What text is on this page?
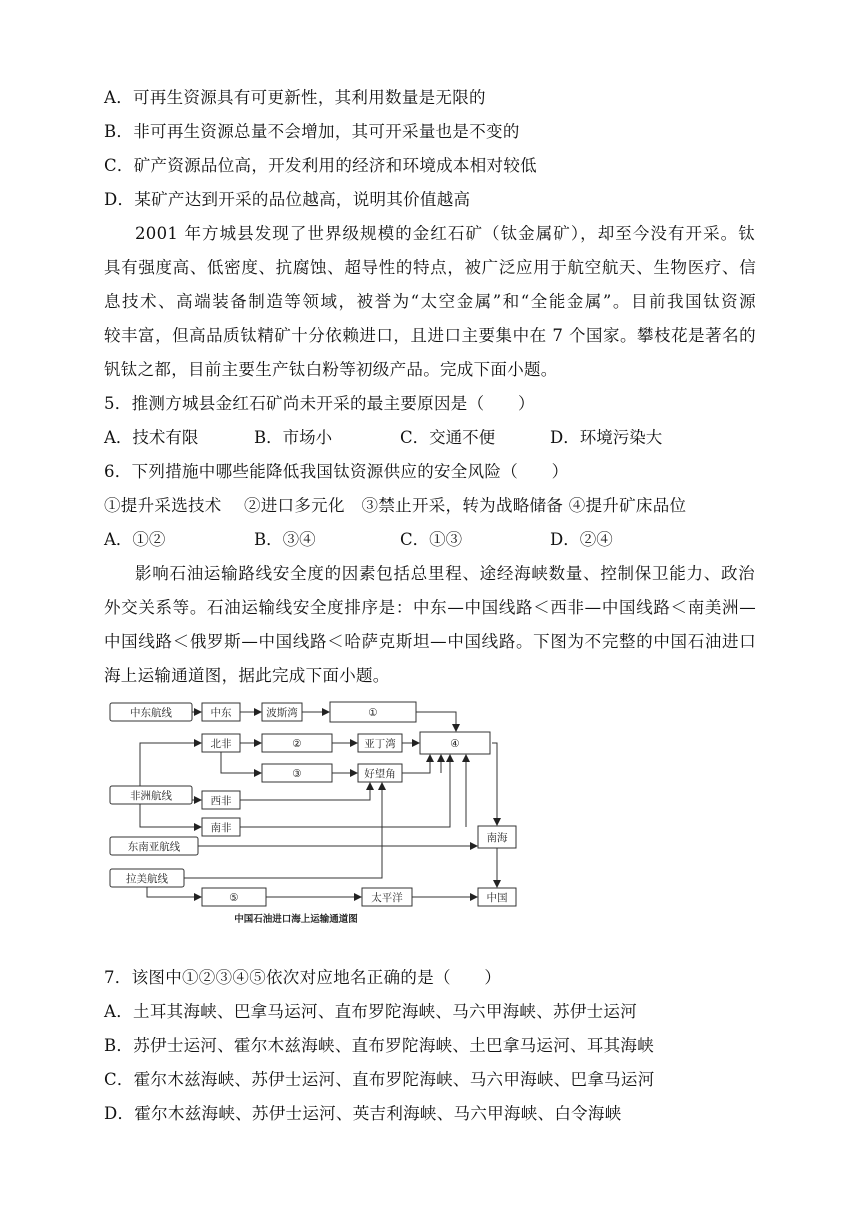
A．可再生资源具有可更新性，其利用数量是无限的
B．非可再生资源总量不会增加，其可开采量也是不变的
C．矿产资源品位高，开发利用的经济和环境成本相对较低
D．某矿产达到开采的品位越高，说明其价值越高
2001 年方城县发现了世界级规模的金红石矿（钛金属矿），却至今没有开采。钛
具有强度高、低密度、抗腐蚀、超导性的特点，被广泛应用于航空航天、生物医疗、信
息技术、高端装备制造等领域，被誉为“太空金属”和“全能金属”。目前我国钛资源
较丰富，但高品质钛精矿十分依赖进口，且进口主要集中在 7 个国家。攀枝花是著名的
钒钛之都，目前主要生产钛白粉等初级产品。完成下面小题。
5．推测方城县金红石矿尚未开采的最主要原因是（　　）
A．技术有限	B．市场小	C．交通不便	D．环境污染大
6．下列措施中哪些能降低我国钛资源供应的安全风险（　　）
①提升采选技术　 ②进口多元化　③禁止开采，转为战略储备 ④提升矿床品位
A．①②	B．③④	C．①③	D．②④
影响石油运输路线安全度的因素包括总里程、途经海峡数量、控制保卫能力、政治
外交关系等。石油运输线安全度排序是：中东—中国线路＜西非—中国线路＜南美洲—
中国线路＜俄罗斯—中国线路＜哈萨克斯坦—中国线路。下图为不完整的中国石油进口
海上运输通道图，据此完成下面小题。
中东航线
非洲航线
东南亚航线
拉美航线
中东	波斯湾	①
北非	②	亚丁湾	④
③	好望角
西非
南非
南海
⑤	太平洋	中国
中国石油进口海上运输通道图
7．该图中①②③④⑤依次对应地名正确的是（　　）
A．土耳其海峡、巴拿马运河、直布罗陀海峡、马六甲海峡、苏伊士运河
B．苏伊士运河、霍尔木兹海峡、直布罗陀海峡、土巴拿马运河、耳其海峡
C．霍尔木兹海峡、苏伊士运河、直布罗陀海峡、马六甲海峡、巴拿马运河
D．霍尔木兹海峡、苏伊士运河、英吉利海峡、马六甲海峡、白令海峡
